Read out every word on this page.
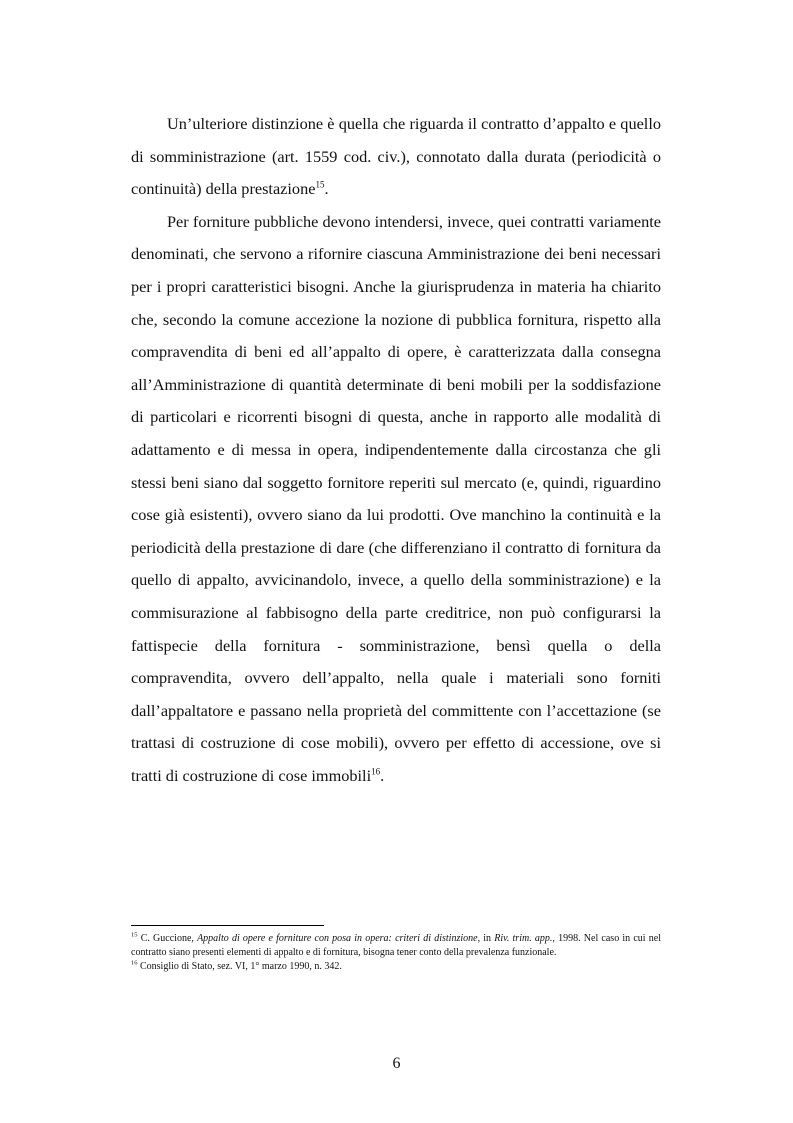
Un’ulteriore distinzione è quella che riguarda il contratto d’appalto e quello di somministrazione (art. 1559 cod. civ.), connotato dalla durata (periodicità o continuità) della prestazione$^{15}$.

Per forniture pubbliche devono intendersi, invece, quei contratti variamente denominati, che servono a rifornire ciascuna Amministrazione dei beni necessari per i propri caratteristici bisogni. Anche la giurisprudenza in materia ha chiarito che, secondo la comune accezione la nozione di pubblica fornitura, rispetto alla compravendita di beni ed all’appalto di opere, è caratterizzata dalla consegna all’Amministrazione di quantità determinate di beni mobili per la soddisfazione di particolari e ricorrenti bisogni di questa, anche in rapporto alle modalità di adattamento e di messa in opera, indipendentemente dalla circostanza che gli stessi beni siano dal soggetto fornitore reperiti sul mercato (e, quindi, riguardino cose già esistenti), ovvero siano da lui prodotti. Ove manchino la continuità e la periodicità della prestazione di dare (che differenziano il contratto di fornitura da quello di appalto, avvicinandolo, invece, a quello della somministrazione) e la commisurazione al fabbisogno della parte creditrice, non può configurarsi la fattispecie della fornitura - somministrazione, bensì quella o della compravendita, ovvero dell’appalto, nella quale i materiali sono forniti dall’appaltatore e passano nella proprietà del committente con l’accettazione (se trattasi di costruzione di cose mobili), ovvero per effetto di accessione, ove si tratti di costruzione di cose immobili$^{16}$.

$^{15}$ C. Guccione, Appalto di opere e forniture con posa in opera: criteri di distinzione, in Riv. trim. app., 1998. Nel caso in cui nel contratto siano presenti elementi di appalto e di fornitura, bisogna tener conto della prevalenza funzionale.

$^{16}$ Consiglio di Stato, sez. VI, 1° marzo 1990, n. 342.

6
